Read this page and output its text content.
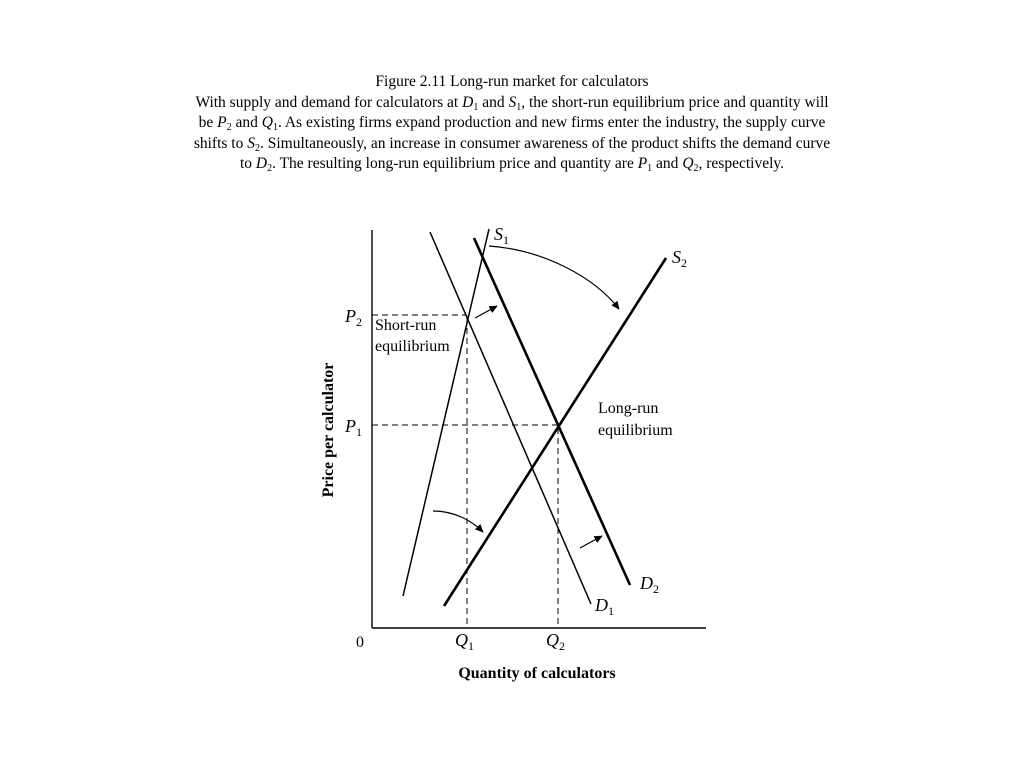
Figure 2.11 Long-run market for calculators

With supply and demand for calculators at $D_1$ and $S_1$, the short-run equilibrium price and quantity will be $P_2$ and $Q_1$. As existing firms expand production and new firms enter the industry, the supply curve shifts to $S_2$. Simultaneously, an increase in consumer awareness of the product shifts the demand curve to $D_2$. The resulting long-run equilibrium price and quantity are $P_1$ and $Q_2$, respectively.

$S_1$
$S_2$
$D_2$
$D_1$
$P_2$
$P_1$
0	$Q_1$	$Q_2$
Short-run equilibrium
Long-run equilibrium
Price per calculator
Quantity of calculators
